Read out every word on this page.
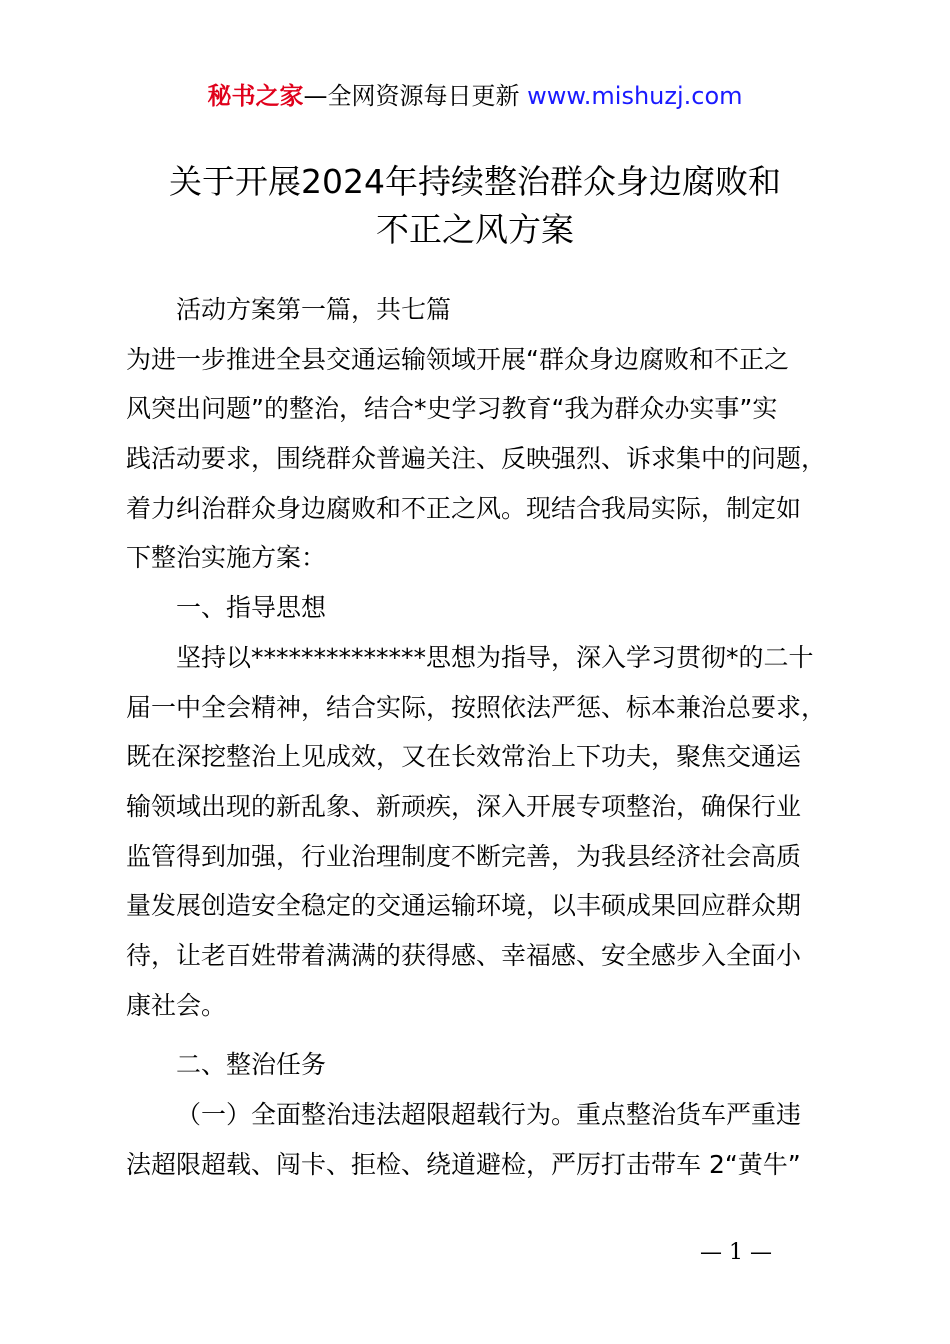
秘书之家—全网资源每日更新 www.mishuzj.com
关于开展2024年持续整治群众身边腐败和
不正之风方案
活动方案第一篇，共七篇
为进一步推进全县交通运输领域开展“群众身边腐败和不正之
风突出问题”的整治，结合*史学习教育“我为群众办实事”实
践活动要求，围绕群众普遍关注、反映强烈、诉求集中的问题，
着力纠治群众身边腐败和不正之风。现结合我局实际，制定如
下整治实施方案：
一、指导思想
坚持以**************思想为指导，深入学习贯彻*的二十
届一中全会精神，结合实际，按照依法严惩、标本兼治总要求，
既在深挖整治上见成效，又在长效常治上下功夫，聚焦交通运
输领域出现的新乱象、新顽疾，深入开展专项整治，确保行业
监管得到加强，行业治理制度不断完善，为我县经济社会高质
量发展创造安全稳定的交通运输环境，以丰硕成果回应群众期
待，让老百姓带着满满的获得感、幸福感、安全感步入全面小
康社会。
二、整治任务
（一）全面整治违法超限超载行为。重点整治货车严重违
法超限超载、闯卡、拒检、绕道避检，严厉打击带车 2“黄牛”
— 1 —
